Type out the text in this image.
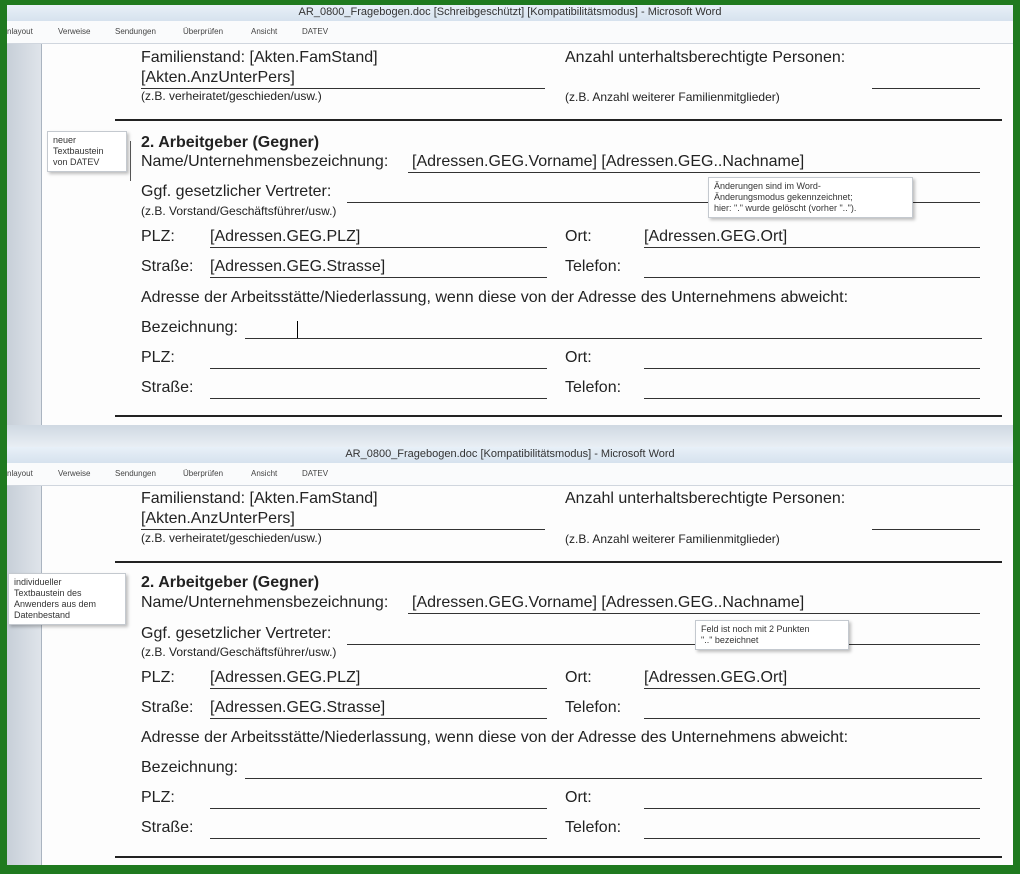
AR_0800_Fragebogen.doc [Schreibgeschützt] [Kompatibilitätsmodus] - Microsoft Word
nlayout	Verweise	Sendungen	Überprüfen	Ansicht	DATEV
Familienstand: [Akten.FamStand]
[Akten.AnzUnterPers]
(z.B. verheiratet/geschieden/usw.)
Anzahl unterhaltsberechtigte Personen:
(z.B. Anzahl weiterer Familienmitglieder)
neuer
Textbaustein
von DATEV
2. Arbeitgeber (Gegner)
Name/Unternehmensbezeichnung: [Adressen.GEG.Vorname] [Adressen.GEG..Nachname]
Ggf. gesetzlicher Vertreter:
(z.B. Vorstand/Geschäftsführer/usw.)
Änderungen sind im Word-
Änderungsmodus gekennzeichnet;
hier: "." wurde gelöscht (vorher "..").
PLZ: [Adressen.GEG.PLZ]	Ort:	[Adressen.GEG.Ort]
Straße: [Adressen.GEG.Strasse]	Telefon:
Adresse der Arbeitsstätte/Niederlassung, wenn diese von der Adresse des Unternehmens abweicht:
Bezeichnung:
PLZ:	Ort:
Straße:	Telefon:
AR_0800_Fragebogen.doc [Kompatibilitätsmodus] - Microsoft Word
nlayout	Verweise	Sendungen	Überprüfen	Ansicht	DATEV
Familienstand: [Akten.FamStand]
[Akten.AnzUnterPers]
(z.B. verheiratet/geschieden/usw.)
Anzahl unterhaltsberechtigte Personen:
(z.B. Anzahl weiterer Familienmitglieder)
individueller
Textbaustein des
Anwenders aus dem
Datenbestand
2. Arbeitgeber (Gegner)
Name/Unternehmensbezeichnung: [Adressen.GEG.Vorname] [Adressen.GEG..Nachname]
Ggf. gesetzlicher Vertreter:
(z.B. Vorstand/Geschäftsführer/usw.)
Feld ist noch mit 2 Punkten
".." bezeichnet
PLZ: [Adressen.GEG.PLZ]	Ort:	[Adressen.GEG.Ort]
Straße: [Adressen.GEG.Strasse]	Telefon:
Adresse der Arbeitsstätte/Niederlassung, wenn diese von der Adresse des Unternehmens abweicht:
Bezeichnung:
PLZ:	Ort:
Straße:	Telefon:
